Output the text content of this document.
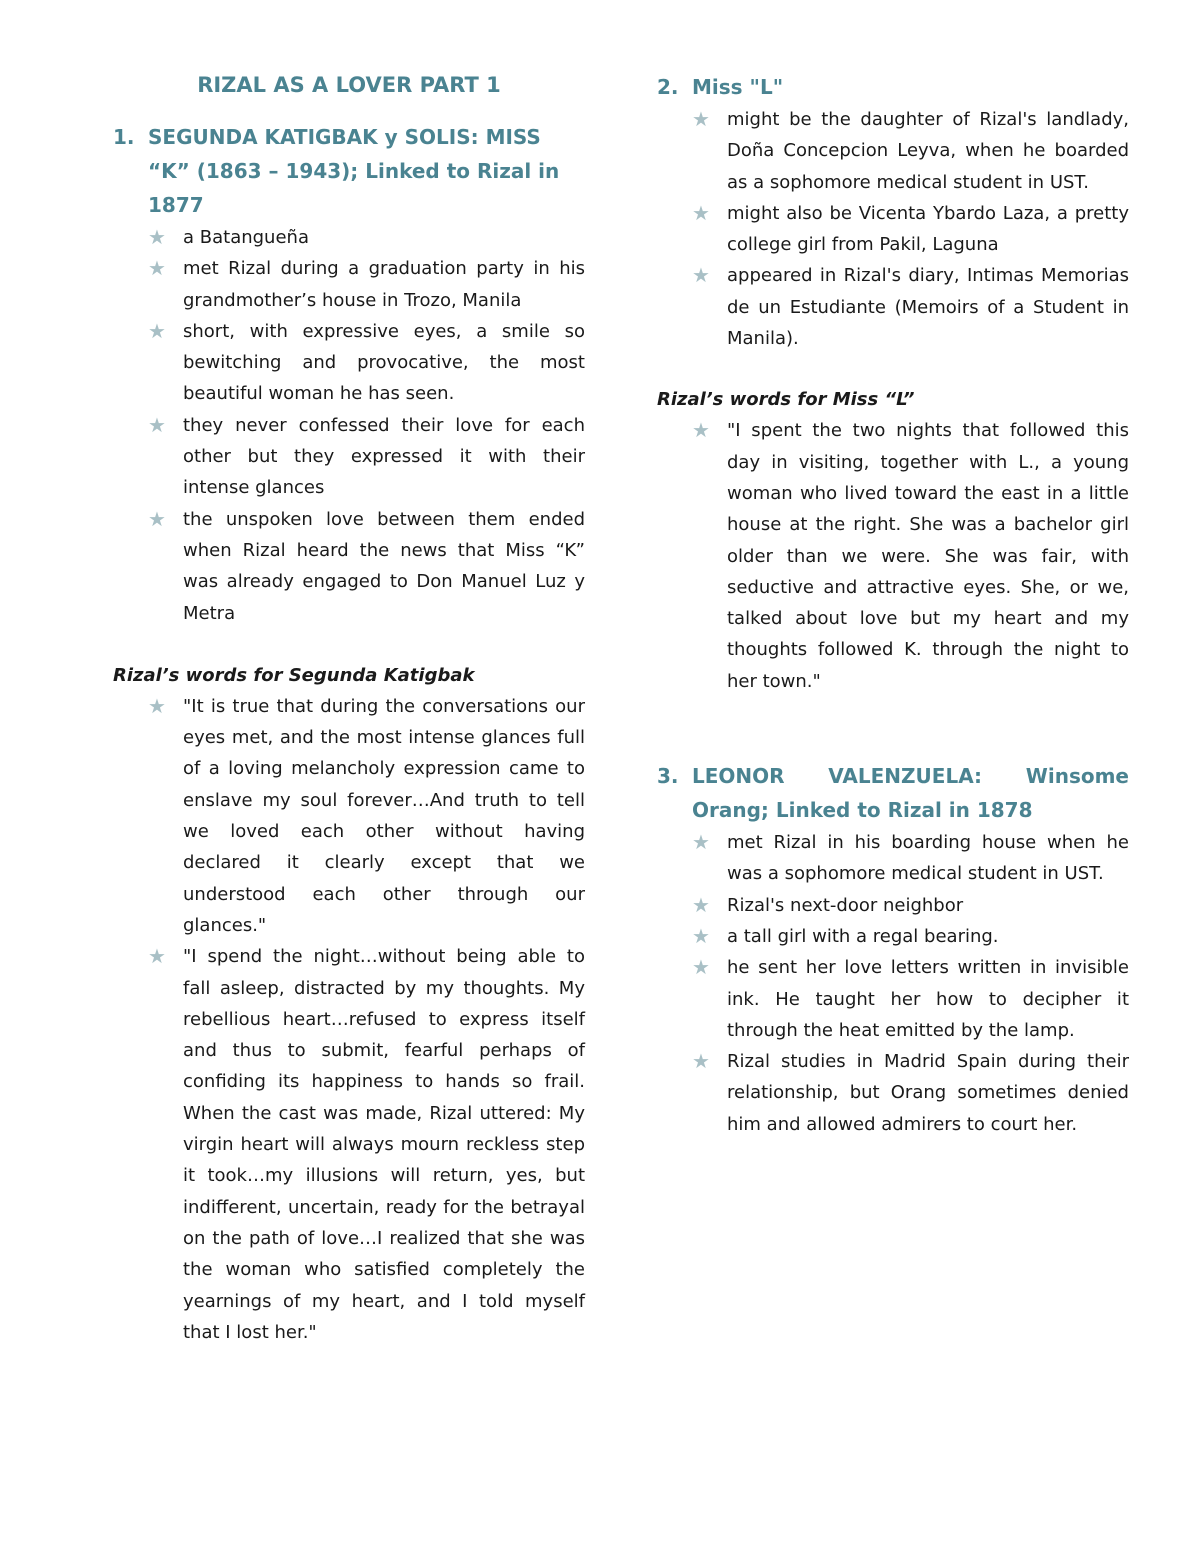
RIZAL AS A LOVER PART 1
1. SEGUNDA KATIGBAK y SOLIS: MISS “K” (1863 – 1943); Linked to Rizal in 1877
★ a Batangueña
★ met Rizal during a graduation party in his grandmother’s house in Trozo, Manila
★ short, with expressive eyes, a smile so bewitching and provocative, the most beautiful woman he has seen.
★ they never confessed their love for each other but they expressed it with their intense glances
★ the unspoken love between them ended when Rizal heard the news that Miss “K” was already engaged to Don Manuel Luz y Metra

Rizal’s words for Segunda Katigbak

★ "It is true that during the conversations our eyes met, and the most intense glances full of a loving melancholy expression came to enslave my soul forever…And truth to tell we loved each other without having declared it clearly except that we understood each other through our glances."
★ "I spend the night…without being able to fall asleep, distracted by my thoughts. My rebellious heart…refused to express itself and thus to submit, fearful perhaps of confiding its happiness to hands so frail. When the cast was made, Rizal uttered: My virgin heart will always mourn reckless step it took…my illusions will return, yes, but indifferent, uncertain, ready for the betrayal on the path of love…I realized that she was the woman who satisfied completely the yearnings of my heart, and I told myself that I lost her."
2. Miss "L"
★ might be the daughter of Rizal's landlady, Doña Concepcion Leyva, when he boarded as a sophomore medical student in UST.
★ might also be Vicenta Ybardo Laza, a pretty college girl from Pakil, Laguna
★ appeared in Rizal's diary, Intimas Memorias de un Estudiante (Memoirs of a Student in Manila).

Rizal’s words for Miss “L”

★ "I spent the two nights that followed this day in visiting, together with L., a young woman who lived toward the east in a little house at the right. She was a bachelor girl older than we were. She was fair, with seductive and attractive eyes. She, or we, talked about love but my heart and my thoughts followed K. through the night to her town."
3. LEONOR VALENZUELA: Winsome Orang; Linked to Rizal in 1878
★ met Rizal in his boarding house when he was a sophomore medical student in UST.
★ Rizal's next-door neighbor
★ a tall girl with a regal bearing.
★ he sent her love letters written in invisible ink. He taught her how to decipher it through the heat emitted by the lamp.
★ Rizal studies in Madrid Spain during their relationship, but Orang sometimes denied him and allowed admirers to court her.
